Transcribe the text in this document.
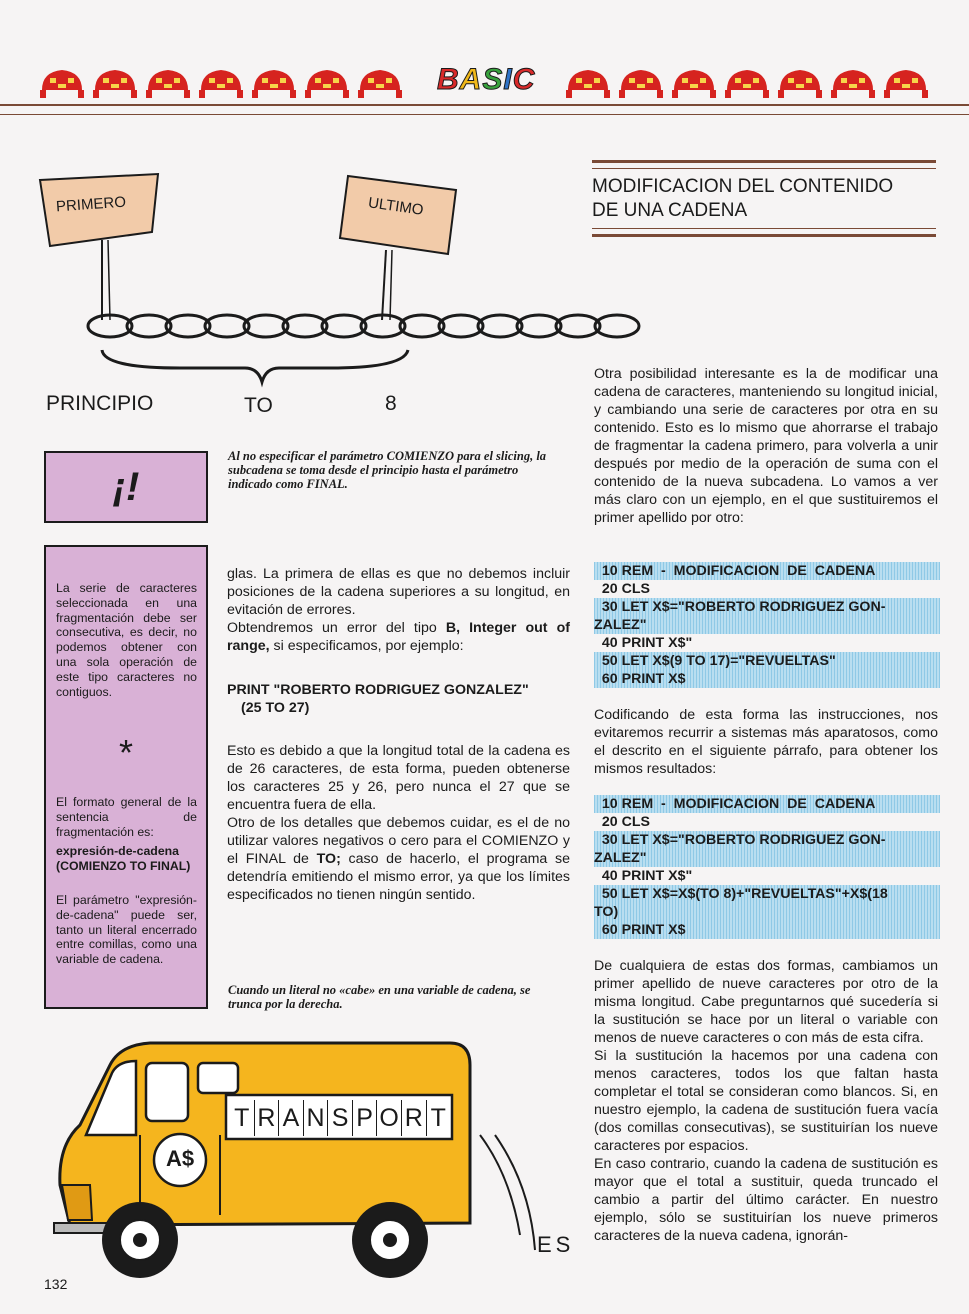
BASIC
PRIMERO	ULTIMO
PRINCIPIO	TO	8
Al no especificar el parámetro COMIENZO para el slicing, la subcadena se toma desde el principio hasta el parámetro indicado como FINAL.
¡!
La serie de caracteres seleccionada en una fragmentación debe ser consecutiva, es decir, no podemos obtener con una sola operación de este tipo caracteres no contiguos.
*
El formato general de la sentencia de fragmentación es:
expresión-de-cadena (COMIENZO TO FINAL)
El parámetro "expresión-de-cadena" puede ser, tanto un literal encerrado entre comillas, como una variable de cadena.

glas. La primera de ellas es que no debemos incluir posiciones de la cadena superiores a su longitud, en evitación de errores.

Obtendremos un error del tipo B, Integer out of range, si especificamos, por ejemplo:

PRINT "ROBERTO RODRIGUEZ GONZALEZ"
(25 TO 27)

Esto es debido a que la longitud total de la cadena es de 26 caracteres, de esta forma, pueden obtenerse los caracteres 25 y 26, pero nunca el 27 que se encuentra fuera de ella.

Otro de los detalles que debemos cuidar, es el de no utilizar valores negativos o cero para el COMIENZO y el FINAL de TO; caso de hacerlo, el programa se detendría emitiendo el mismo error, ya que los límites especificados no tienen ningún sentido.

Cuando un literal no «cabe» en una variable de cadena, se trunca por la derecha.
T R A N S P O R T
A$
ES
MODIFICACION DEL CONTENIDO
DE UNA CADENA
Otra posibilidad interesante es la de modificar una cadena de caracteres, manteniendo su longitud inicial, y cambiando una serie de caracteres por otra en su contenido. Esto es lo mismo que ahorrarse el trabajo de fragmentar la cadena primero, para volverla a unir después por medio de la operación de suma con el contenido de la nueva subcadena. Lo vamos a ver más claro con un ejemplo, en el que sustituiremos el primer apellido por otro:
10 REM  -  MODIFICACION  DE  CADENA
20 CLS
30 LET X$="ROBERTO RODRIGUEZ GON-
ZALEZ"
40 PRINT X$"
50 LET X$(9 TO 17)="REVUELTAS"
60 PRINT X$
Codificando de esta forma las instrucciones, nos evitaremos recurrir a sistemas más aparatosos, como el descrito en el siguiente párrafo, para obtener los mismos resultados:
10 REM  -  MODIFICACION  DE  CADENA
20 CLS
30 LET X$="ROBERTO RODRIGUEZ GON-
ZALEZ"
40 PRINT X$"
50 LET X$=X$(TO 8)+"REVUELTAS"+X$(18
TO)
60 PRINT X$

De cualquiera de estas dos formas, cambiamos un primer apellido de nueve caracteres por otro de la misma longitud. Cabe preguntarnos qué sucedería si la sustitución se hace por un literal o variable con menos de nueve caracteres o con más de esta cifra.

Si la sustitución la hacemos por una cadena con menos caracteres, todos los que faltan hasta completar el total se consideran como blancos. Si, en nuestro ejemplo, la cadena de sustitución fuera vacía (dos comillas consecutivas), se sustituirían los nueve caracteres por espacios.

En caso contrario, cuando la cadena de sustitución es mayor que el total a sustituir, queda truncado el cambio a partir del último carácter. En nuestro ejemplo, sólo se sustituirían los nueve primeros caracteres de la nueva cadena, ignorán-

132
